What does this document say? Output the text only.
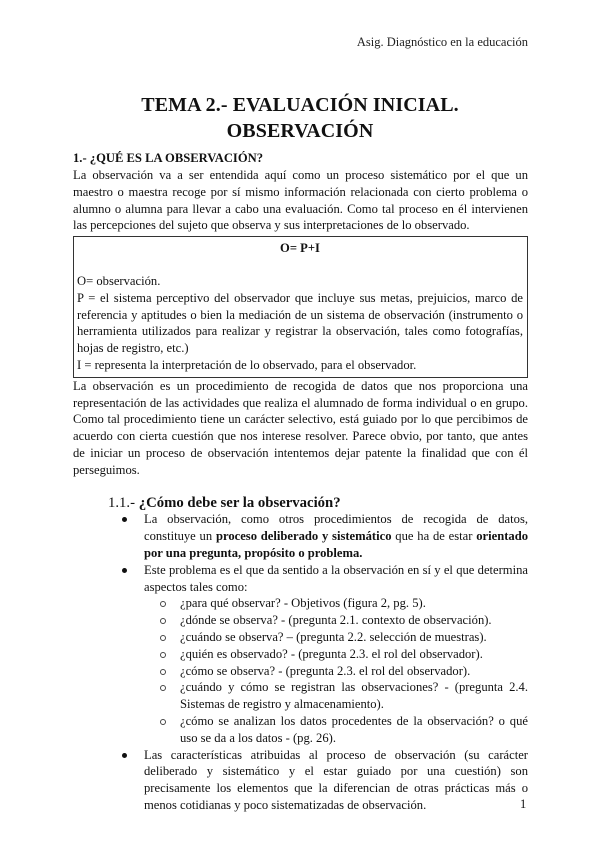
Asig. Diagnóstico en la educación
TEMA 2.- EVALUACIÓN INICIAL.
OBSERVACIÓN
1.- ¿QUÉ ES LA OBSERVACIÓN?

La observación va a ser entendida aquí como un proceso sistemático por el que un maestro o maestra recoge por sí mismo información relacionada con cierto problema o alumno o alumna para llevar a cabo una evaluación. Como tal proceso en él intervienen las percepciones del sujeto que observa y sus interpretaciones de lo observado.

O= P+I

O= observación.

P = el sistema perceptivo del observador que incluye sus metas, prejuicios, marco de referencia y aptitudes o bien la mediación de un sistema de observación (instrumento o herramienta utilizados para realizar y registrar la observación, tales como fotografías, hojas de registro, etc.)

I = representa la interpretación de lo observado, para el observador.

La observación es un procedimiento de recogida de datos que nos proporciona una representación de las actividades que realiza el alumnado de forma individual o en grupo. Como tal procedimiento tiene un carácter selectivo, está guiado por lo que percibimos de acuerdo con cierta cuestión que nos interese resolver. Parece obvio, por tanto, que antes de iniciar un proceso de observación intentemos dejar patente la finalidad que con él perseguimos.

1.1.- ¿Cómo debe ser la observación?
La observación, como otros procedimientos de recogida de datos, constituye un proceso deliberado y sistemático que ha de estar orientado por una pregunta, propósito o problema.
Este problema es el que da sentido a la observación en sí y el que determina aspectos tales como:
¿para qué observar? - Objetivos (figura 2, pg. 5).
¿dónde se observa? - (pregunta 2.1. contexto de observación).
¿cuándo se observa? – (pregunta 2.2. selección de muestras).
¿quién es observado? - (pregunta 2.3. el rol del observador).
¿cómo se observa? - (pregunta 2.3. el rol del observador).
¿cuándo y cómo se registran las observaciones? - (pregunta 2.4. Sistemas de registro y almacenamiento).
¿cómo se analizan los datos procedentes de la observación? o qué uso se da a los datos - (pg. 26).
Las características atribuidas al proceso de observación (su carácter deliberado y sistemático y el estar guiado por una cuestión) son precisamente los elementos que la diferencian de otras prácticas más o menos cotidianas y poco sistematizadas de observación.	1
